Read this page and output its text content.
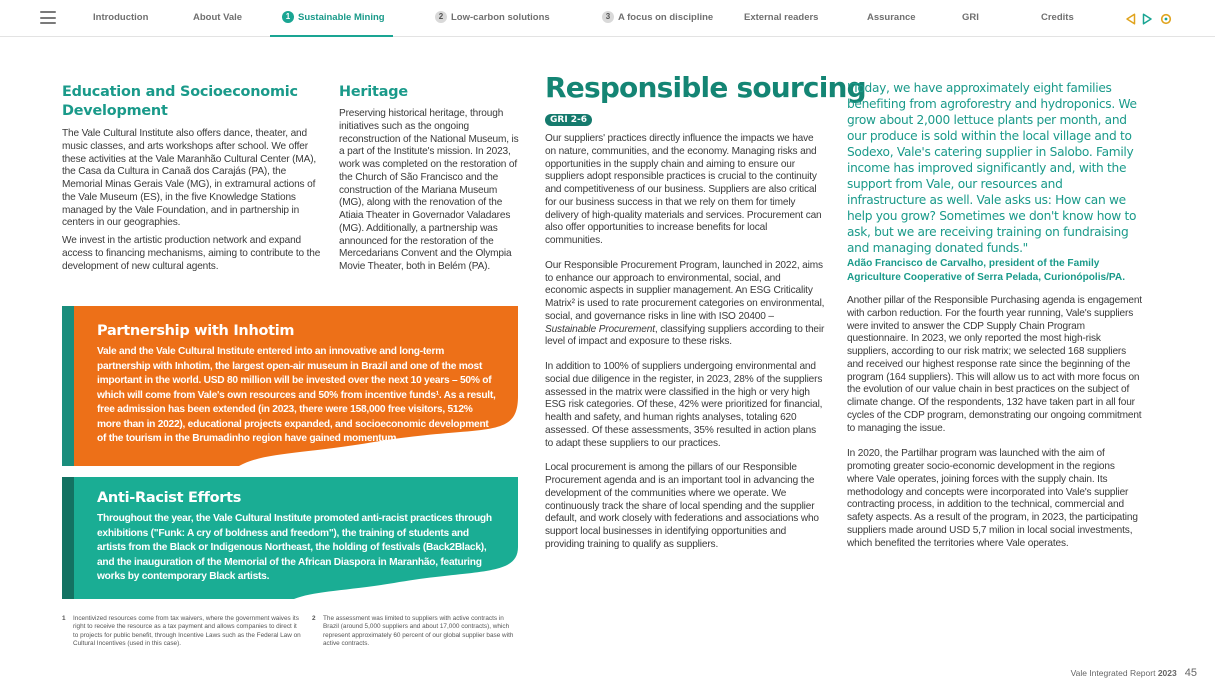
Introduction	About Vale	1 Sustainable Mining	2 Low-carbon solutions	3 A focus on discipline	External readers	Assurance	GRI	Credits

Education and Socioeconomic Development

The Vale Cultural Institute also offers dance, theater, and music classes, and arts workshops after school. We offer these activities at the Vale Maranhão Cultural Center (MA), the Casa da Cultura in Canaã dos Carajás (PA), the Memorial Minas Gerais Vale (MG), in extramural actions of the Vale Museum (ES), in the five Knowledge Stations managed by the Vale Foundation, and in partnership in centers in our geographies.

We invest in the artistic production network and expand access to financing mechanisms, aiming to contribute to the development of new cultural agents.

Heritage

Preserving historical heritage, through initiatives such as the ongoing reconstruction of the National Museum, is a part of the Institute's mission. In 2023, work was completed on the restoration of the Church of São Francisco and the construction of the Mariana Museum (MG), along with the renovation of the Atiaia Theater in Governador Valadares (MG). Additionally, a partnership was announced for the restoration of the Mercedarians Convent and the Olympia Movie Theater, both in Belém (PA).

Partnership with Inhotim

Vale and the Vale Cultural Institute entered into an innovative and long-term partnership with Inhotim, the largest open-air museum in Brazil and one of the most important in the world. USD 80 million will be invested over the next 10 years – 50% of which will come from Vale's own resources and 50% from incentive funds¹. As a result, free admission has been extended (in 2023, there were 158,000 free visitors, 512% more than in 2022), educational projects expanded, and socioeconomic development of the tourism in the Brumadinho region have gained momentum.

Anti-Racist Efforts

Throughout the year, the Vale Cultural Institute promoted anti-racist practices through exhibitions ("Funk: A cry of boldness and freedom"), the training of students and artists from the Black or Indigenous Northeast, the holding of festivals (Back2Black), and the inauguration of the Memorial of the African Diaspora in Maranhão, featuring works by contemporary Black artists.

1 Incentivized resources come from tax waivers, where the government waives its right to receive the resource as a tax payment and allows companies to direct it to projects for public benefit, through Incentive Laws such as the Federal Law on Cultural Incentives (used in this case).
2 The assessment was limited to suppliers with active contracts in Brazil (around 5,000 suppliers and about 17,000 contracts), which represent approximately 60 percent of our global supplier base with active contracts.
Responsible sourcing
GRI 2-6

Our suppliers' practices directly influence the impacts we have on nature, communities, and the economy. Managing risks and opportunities in the supply chain and aiming to ensure our suppliers adopt responsible practices is crucial to the continuity and competitiveness of our business. Suppliers are also critical for our business success in that we rely on them for timely delivery of high-quality materials and services. Procurement can also offer opportunities to increase benefits for local communities.

Our Responsible Procurement Program, launched in 2022, aims to enhance our approach to environmental, social, and economic aspects in supplier management. An ESG Criticality Matrix² is used to rate procurement categories on environmental, social, and governance risks in line with ISO 20400 – Sustainable Procurement, classifying suppliers according to their level of impact and exposure to these risks.

In addition to 100% of suppliers undergoing environmental and social due diligence in the register, in 2023, 28% of the suppliers assessed in the matrix were classified in the high or very high ESG risk categories. Of these, 42% were prioritized for financial, health and safety, and human rights analyses, totaling 620 assessed. Of these assessments, 35% resulted in action plans to adapt these suppliers to our practices.

Local procurement is among the pillars of our Responsible Procurement agenda and is an important tool in advancing the development of the communities where we operate. We continuously track the share of local spending and the supplier default, and work closely with federations and associations who support local businesses in identifying opportunities and providing training to qualify as suppliers.

"Today, we have approximately eight families benefiting from agroforestry and hydroponics. We grow about 2,000 lettuce plants per month, and our produce is sold within the local village and to Sodexo, Vale's catering supplier in Salobo. Family income has improved significantly and, with the support from Vale, our resources and infrastructure as well. Vale asks us: How can we help you grow? Sometimes we don't know how to ask, but we are receiving training on fundraising and managing donated funds."

Adão Francisco de Carvalho, president of the Family Agriculture Cooperative of Serra Pelada, Curionópolis/PA.

Another pillar of the Responsible Purchasing agenda is engagement with carbon reduction. For the fourth year running, Vale's suppliers were invited to answer the CDP Supply Chain Program questionnaire. In 2023, we only reported the most high-risk suppliers, according to our risk matrix; we selected 168 suppliers and received our highest response rate since the beginning of the program (164 suppliers). This will allow us to act with more focus on the evolution of our value chain in best practices on the subject of climate change. Of the respondents, 132 have taken part in all four cycles of the CDP program, demonstrating our ongoing commitment to managing the issue.

In 2020, the Partilhar program was launched with the aim of promoting greater socio-economic development in the regions where Vale operates, joining forces with the supply chain. Its methodology and concepts were incorporated into Vale's supplier contracting process, in addition to the technical, commercial and safety aspects. As a result of the program, in 2023, the participating suppliers made around USD 5,7 milion in local social investments, which benefited the territories where Vale operates.

Vale Integrated Report 2023 45
